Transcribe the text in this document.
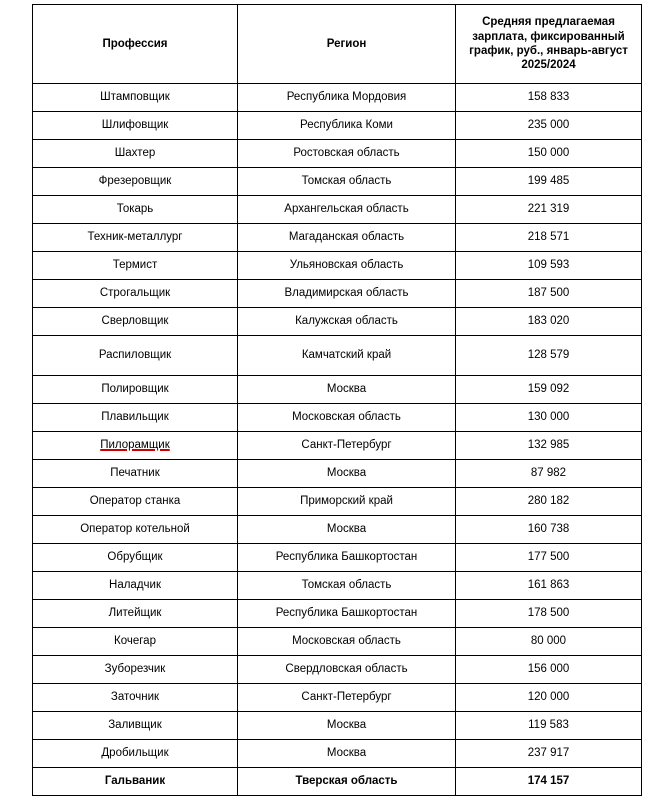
Профессия	Регион	Средняя предлагаемая зарплата, фиксированный график, руб., январь-август 2025/2024
Штамповщик	Республика Мордовия	158 833
Шлифовщик	Республика Коми	235 000
Шахтер	Ростовская область	150 000
Фрезеровщик	Томская область	199 485
Токарь	Архангельская область	221 319
Техник-металлург	Магаданская область	218 571
Термист	Ульяновская область	109 593
Строгальщик	Владимирская область	187 500
Сверловщик	Калужская область	183 020
Распиловщик	Камчатский край	128 579
Полировщик	Москва	159 092
Плавильщик	Московская область	130 000
Пилорамщик	Санкт-Петербург	132 985
Печатник	Москва	87 982
Оператор станка	Приморский край	280 182
Оператор котельной	Москва	160 738
Обрубщик	Республика Башкортостан	177 500
Наладчик	Томская область	161 863
Литейщик	Республика Башкортостан	178 500
Кочегар	Московская область	80 000
Зуборезчик	Свердловская область	156 000
Заточник	Санкт-Петербург	120 000
Заливщик	Москва	119 583
Дробильщик	Москва	237 917
Гальваник	Тверская область	174 157
